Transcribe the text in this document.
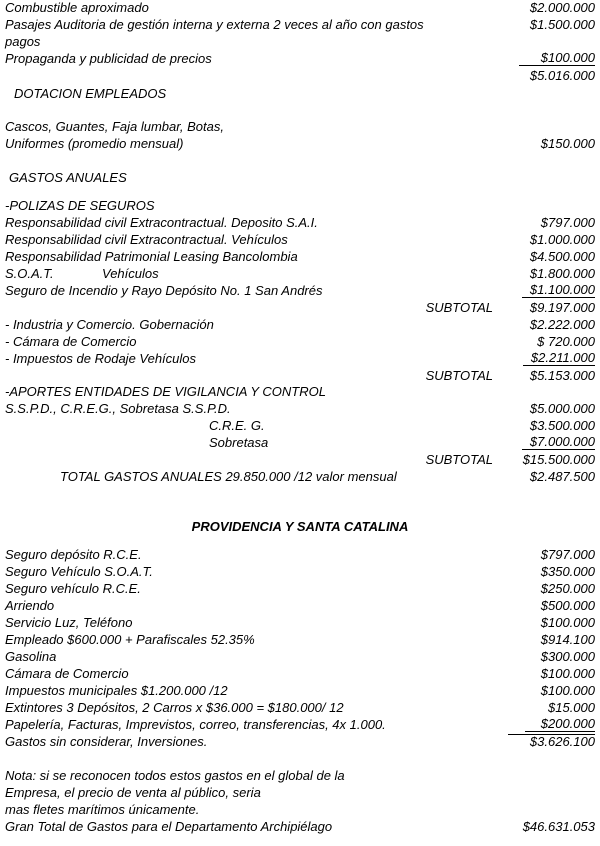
Combustible aproximado	$2.000.000
Pasajes Auditoria de gestión interna y externa 2 veces al año con gastos	$1.500.000
pagos
Propaganda y publicidad de precios	$100.000
$5.016.000
DOTACION EMPLEADOS
Cascos, Guantes, Faja lumbar, Botas,
Uniformes (promedio mensual)	$150.000
GASTOS ANUALES
-POLIZAS DE SEGUROS
Responsabilidad civil Extracontractual. Deposito S.A.I.	$797.000
Responsabilidad civil Extracontractual. Vehículos	$1.000.000
Responsabilidad Patrimonial Leasing Bancolombia	$4.500.000
S.O.A.T.	Vehículos	$1.800.000
Seguro de Incendio y Rayo Depósito No. 1 San Andrés	$1.100.000
SUBTOTAL	$9.197.000
- Industria y Comercio. Gobernación	$2.222.000
- Cámara de Comercio	$ 720.000
- Impuestos de Rodaje Vehículos	$2.211.000
SUBTOTAL	$5.153.000
-APORTES ENTIDADES DE VIGILANCIA Y CONTROL
S.S.P.D., C.R.E.G., Sobretasa S.S.P.D.	$5.000.000
C.R.E. G.	$3.500.000
Sobretasa	$7.000.000
SUBTOTAL $15.500.000
TOTAL GASTOS ANUALES 29.850.000 /12 valor mensual	$2.487.500
PROVIDENCIA Y SANTA CATALINA
Seguro depósito R.C.E.	$797.000
Seguro Vehículo S.O.A.T.	$350.000
Seguro vehículo R.C.E.	$250.000
Arriendo	$500.000
Servicio Luz, Teléfono	$100.000
Empleado $600.000 + Parafiscales 52.35%	$914.100
Gasolina	$300.000
Cámara de Comercio	$100.000
Impuestos municipales $1.200.000 /12	$100.000
Extintores 3 Depósitos, 2 Carros x $36.000 = $180.000/ 12	$15.000
Papelería, Facturas, Imprevistos, correo, transferencias, 4x 1.000.	$200.000
Gastos sin considerar, Inversiones.	$3.626.100
Nota: si se reconocen todos estos gastos en el global de la
Empresa, el precio de venta al público, seria
mas fletes marítimos únicamente.
Gran Total de Gastos para el Departamento Archipiélago	$46.631.053
